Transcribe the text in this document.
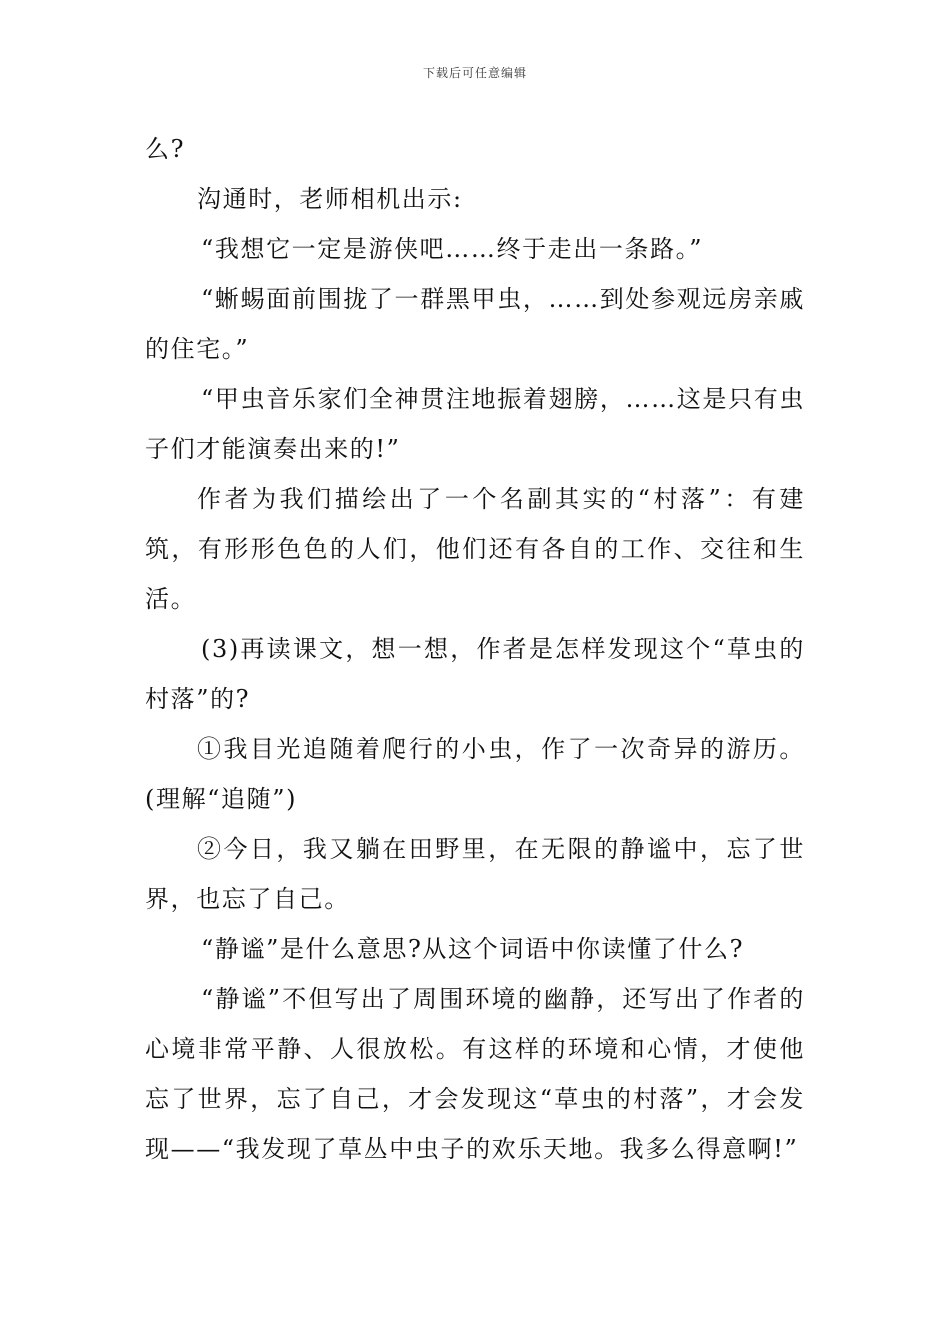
下载后可任意编辑

么?

沟通时，老师相机出示:

“我想它一定是游侠吧……终于走出一条路。”

“蜥蜴面前围拢了一群黑甲虫，……到处参观远房亲戚的住宅。”

“甲虫音乐家们全神贯注地振着翅膀，……这是只有虫子们才能演奏出来的!”

作者为我们描绘出了一个名副其实的“村落”：有建筑，有形形色色的人们，他们还有各自的工作、交往和生活。

(3)再读课文，想一想，作者是怎样发现这个“草虫的村落”的?

①我目光追随着爬行的小虫，作了一次奇异的游历。(理解“追随”)

②今日，我又躺在田野里，在无限的静谧中，忘了世界，也忘了自己。

“静谧”是什么意思?从这个词语中你读懂了什么?

“静谧”不但写出了周围环境的幽静，还写出了作者的心境非常平静、人很放松。有这样的环境和心情，才使他忘了世界，忘了自己，才会发现这“草虫的村落”，才会发现——“我发现了草丛中虫子的欢乐天地。我多么得意啊!”
